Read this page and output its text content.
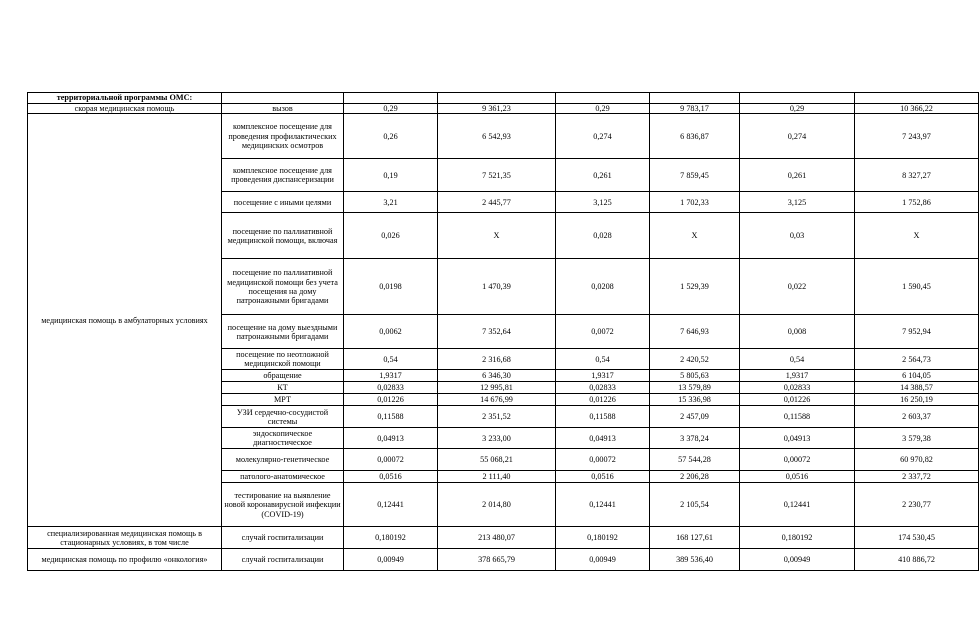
территориальной программы ОМС:							
скорая медицинская помощь	вызов	0,29	9 361,23	0,29	9 783,17	0,29	10 366,22
медицинская помощь в амбулаторных условиях	комплексное посещение для проведения профилактических медицинских осмотров	0,26	6 542,93	0,274	6 836,87	0,274	7 243,97
	комплексное посещение для проведения диспансеризации	0,19	7 521,35	0,261	7 859,45	0,261	8 327,27
	посещение с иными целями	3,21	2 445,77	3,125	1 702,33	3,125	1 752,86
	посещение по паллиативной медицинской помощи, включая	0,026	Х	0,028	Х	0,03	Х
	посещение по паллиативной медицинской помощи без учета посещения на дому патронажными бригадами	0,0198	1 470,39	0,0208	1 529,39	0,022	1 590,45
	посещение на дому выездными патронажными бригадами	0,0062	7 352,64	0,0072	7 646,93	0,008	7 952,94
	посещение по неотложной медицинской помощи	0,54	2 316,68	0,54	2 420,52	0,54	2 564,73
	обращение	1,9317	6 346,30	1,9317	5 805,63	1,9317	6 104,05
	КТ	0,02833	12 995,81	0,02833	13 579,89	0,02833	14 388,57
	МРТ	0,01226	14 676,99	0,01226	15 336,98	0,01226	16 250,19
	УЗИ сердечно-сосудистой системы	0,11588	2 351,52	0,11588	2 457,09	0,11588	2 603,37
	эндоскопическое диагностическое	0,04913	3 233,00	0,04913	3 378,24	0,04913	3 579,38
	молекулярно-генетическое	0,00072	55 068,21	0,00072	57 544,28	0,00072	60 970,82
	патолого-анатомическое	0,0516	2 111,40	0,0516	2 206,28	0,0516	2 337,72
	тестирование на выявление новой коронавирусной инфекции (COVID-19)	0,12441	2 014,80	0,12441	2 105,54	0,12441	2 230,77
специализированная медицинская помощь в стационарных условиях, в том числе	случай госпитализации	0,180192	213 480,07	0,180192	168 127,61	0,180192	174 530,45
медицинская помощь по профилю «онкология»	случай госпитализации	0,00949	378 665,79	0,00949	389 536,40	0,00949	410 886,72
